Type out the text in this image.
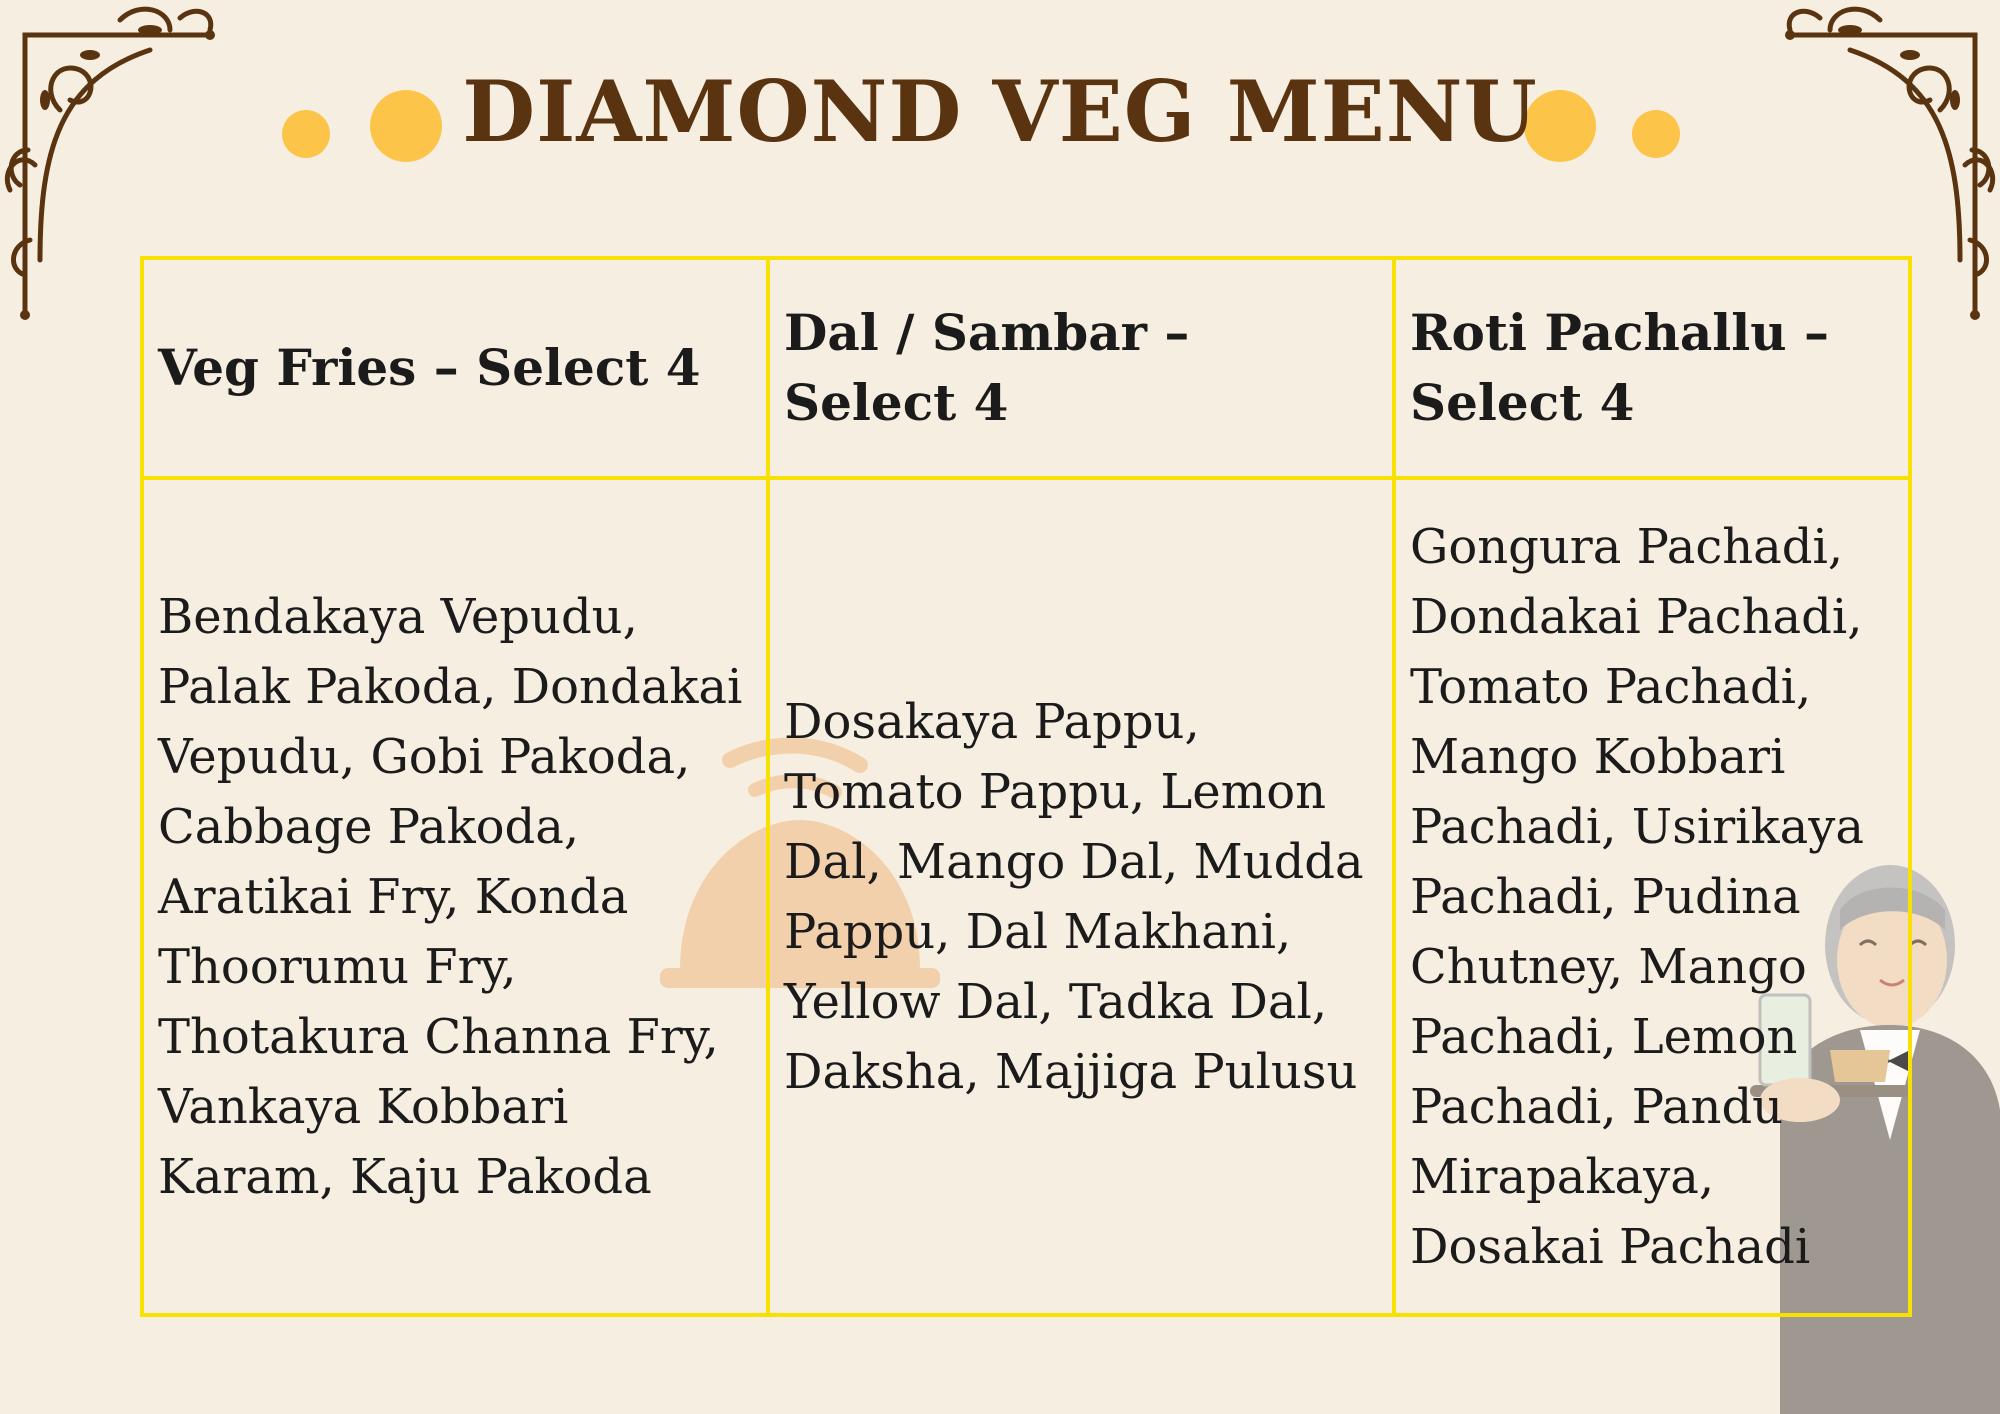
DIAMOND VEG MENU
Veg Fries – Select 4	Dal / Sambar – Select 4	Roti Pachallu – Select 4
Bendakaya Vepudu, Palak Pakoda, Dondakai Vepudu, Gobi Pakoda, Cabbage Pakoda, Aratikai Fry, Konda Thoorumu Fry, Thotakura Channa Fry, Vankaya Kobbari Karam, Kaju Pakoda	Dosakaya Pappu, Tomato Pappu, Lemon Dal, Mango Dal, Mudda Pappu, Dal Makhani, Yellow Dal, Tadka Dal, Daksha, Majjiga Pulusu	Gongura Pachadi, Dondakai Pachadi, Tomato Pachadi, Mango Kobbari Pachadi, Usirikaya Pachadi, Pudina Chutney, Mango Pachadi, Lemon Pachadi, Pandu Mirapakaya, Dosakai Pachadi
